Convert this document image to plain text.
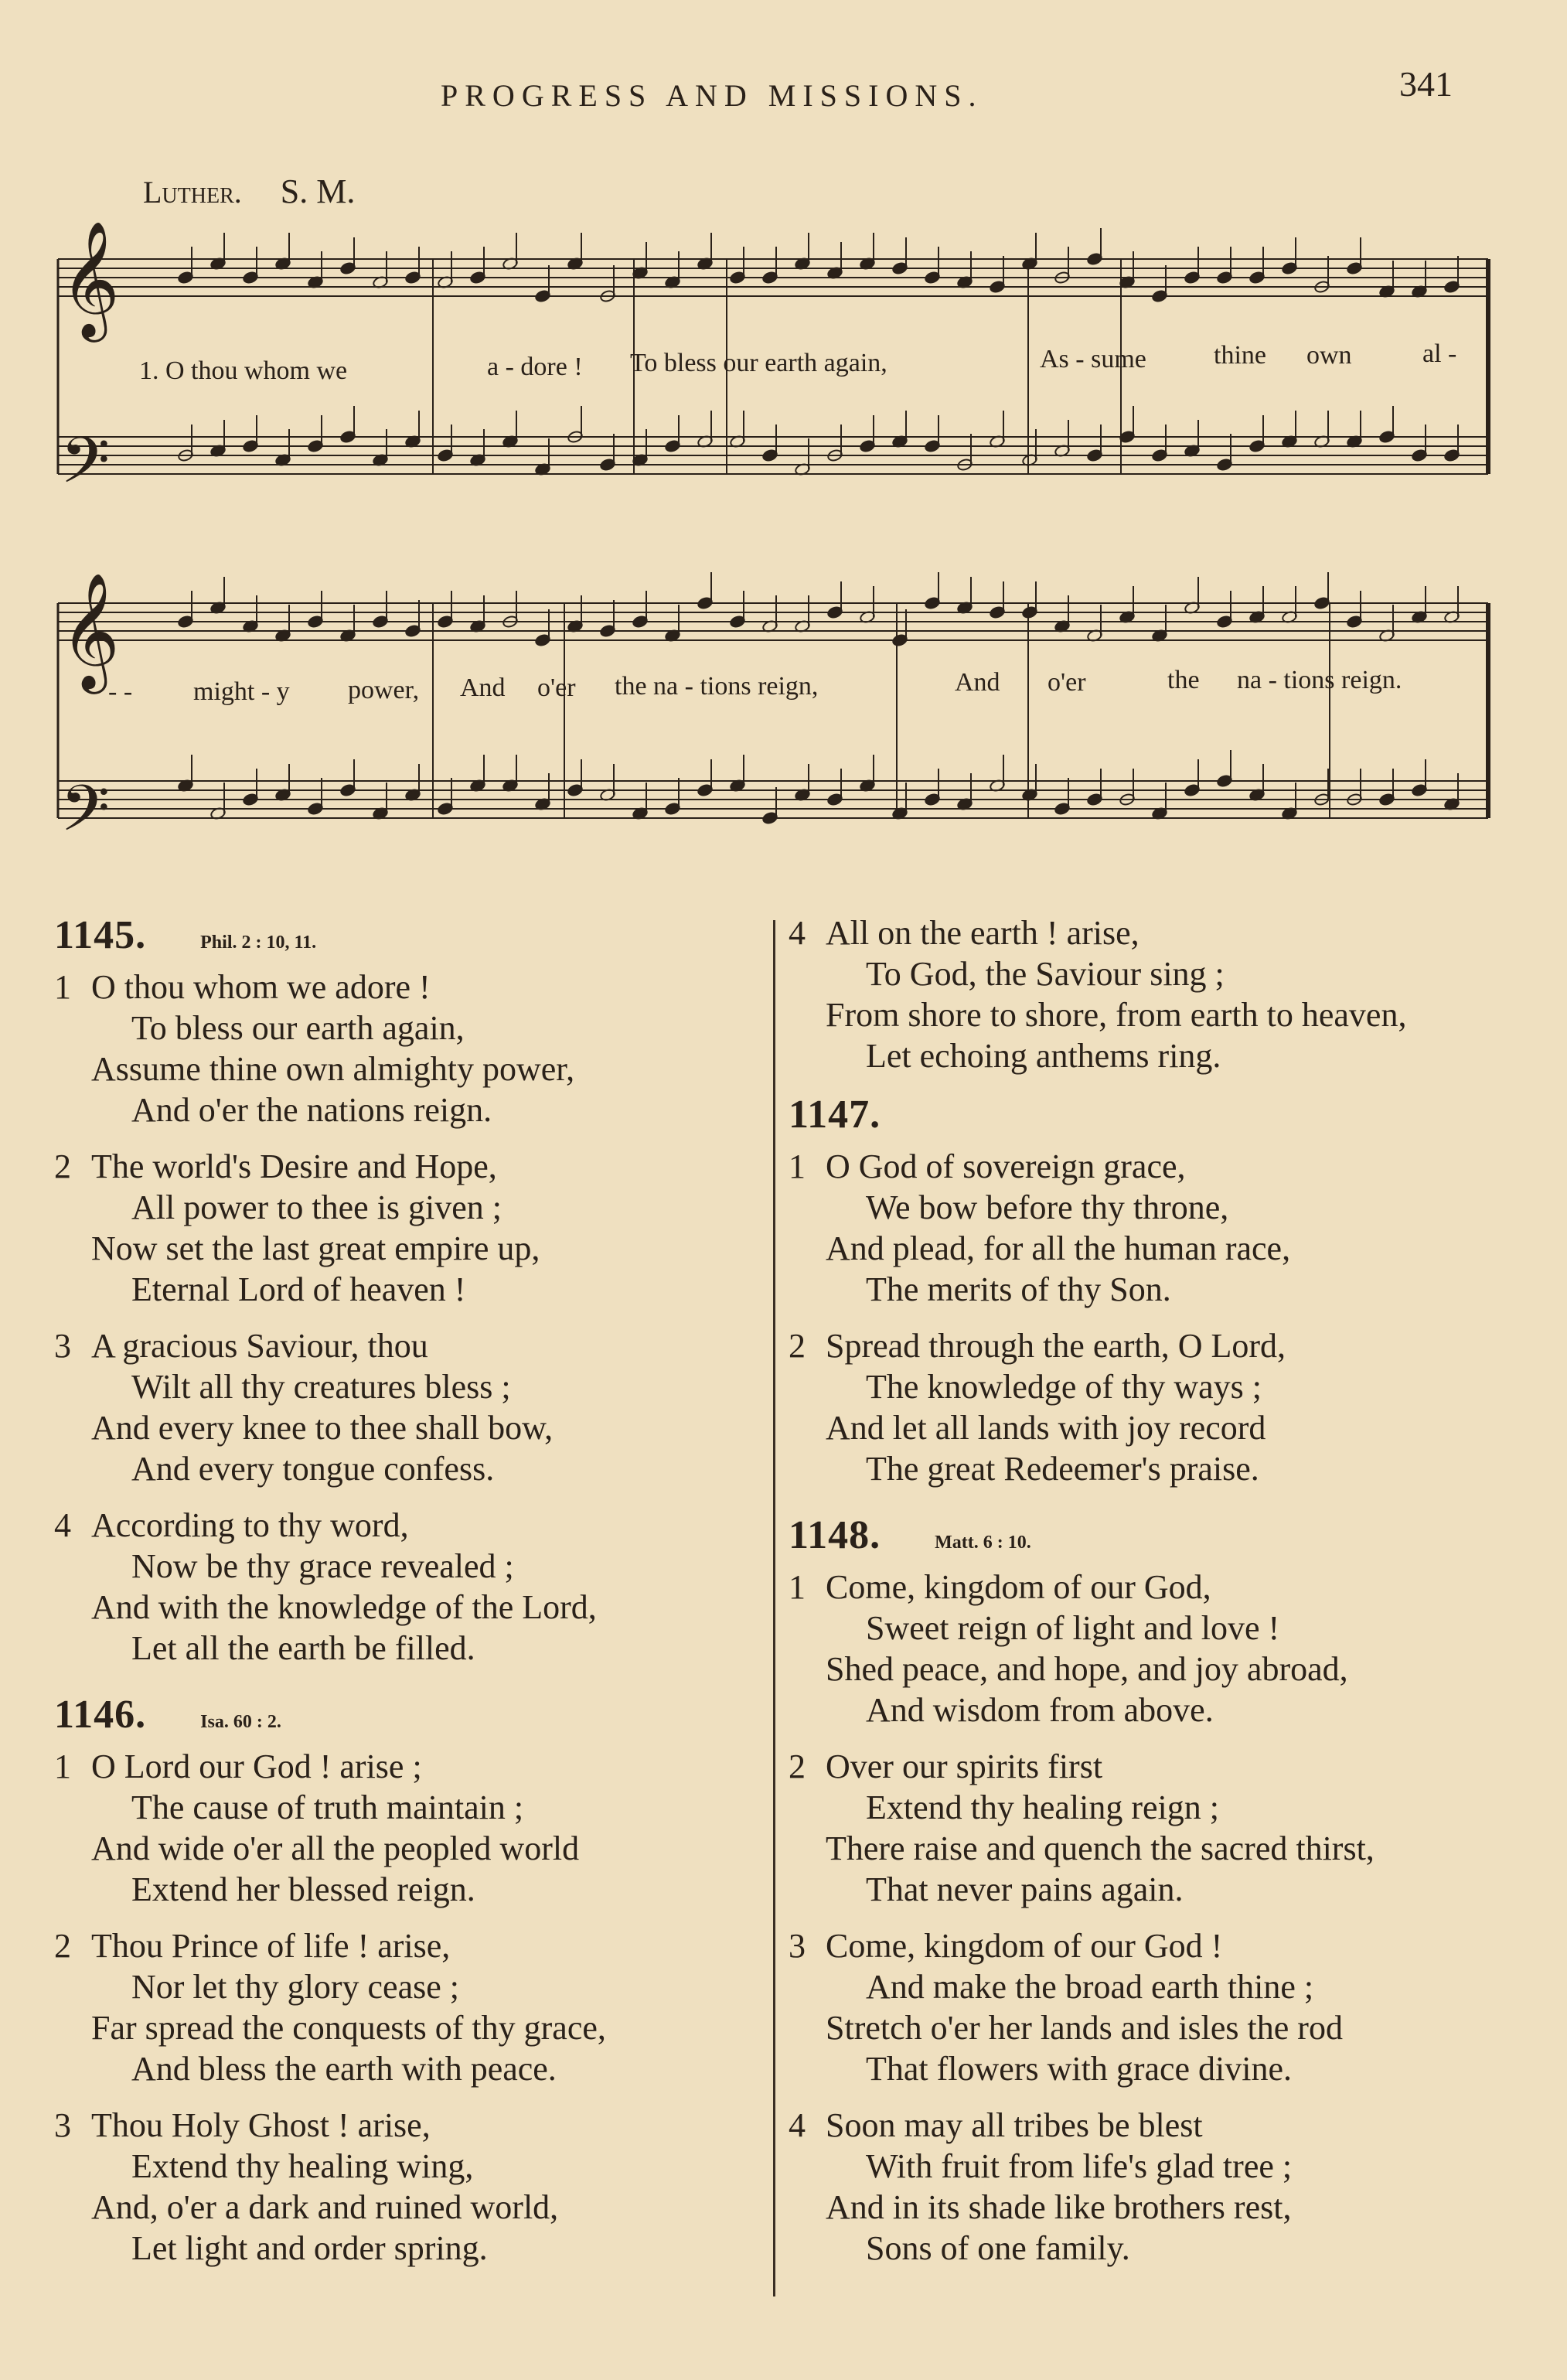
PROGRESS AND MISSIONS.	341
Luther. S. M.
𝄞
𝄢
𝄞
𝄢
1. O thou whom we	a - dore ! To bless our earth again,	As - sume	thine own	al -
- - might - y power, And o'er the na - tions reign,	And o'er	the na - tions reign.
1145.	Phil. 2 : 10, 11.
1 O thou whom we adore !
To bless our earth again,
Assume thine own almighty power,
And o'er the nations reign.
2 The world's Desire and Hope,
All power to thee is given ;
Now set the last great empire up,
Eternal Lord of heaven !
3 A gracious Saviour, thou
Wilt all thy creatures bless ;
And every knee to thee shall bow,
And every tongue confess.
4 According to thy word,
Now be thy grace revealed ;
And with the knowledge of the Lord,
Let all the earth be filled.
1146.	Isa. 60 : 2.
1 O Lord our God ! arise ;
The cause of truth maintain ;
And wide o'er all the peopled world
Extend her blessed reign.
2 Thou Prince of life ! arise,
Nor let thy glory cease ;
Far spread the conquests of thy grace,
And bless the earth with peace.
3 Thou Holy Ghost ! arise,
Extend thy healing wing,
And, o'er a dark and ruined world,
Let light and order spring.
4 All on the earth ! arise,
To God, the Saviour sing ;
From shore to shore, from earth to heaven,
Let echoing anthems ring.
1147.
1 O God of sovereign grace,
We bow before thy throne,
And plead, for all the human race,
The merits of thy Son.
2 Spread through the earth, O Lord,
The knowledge of thy ways ;
And let all lands with joy record
The great Redeemer's praise.
1148.	Matt. 6 : 10.
1 Come, kingdom of our God,
Sweet reign of light and love !
Shed peace, and hope, and joy abroad,
And wisdom from above.
2 Over our spirits first
Extend thy healing reign ;
There raise and quench the sacred thirst,
That never pains again.
3 Come, kingdom of our God !
And make the broad earth thine ;
Stretch o'er her lands and isles the rod
That flowers with grace divine.
4 Soon may all tribes be blest
With fruit from life's glad tree ;
And in its shade like brothers rest,
Sons of one family.
